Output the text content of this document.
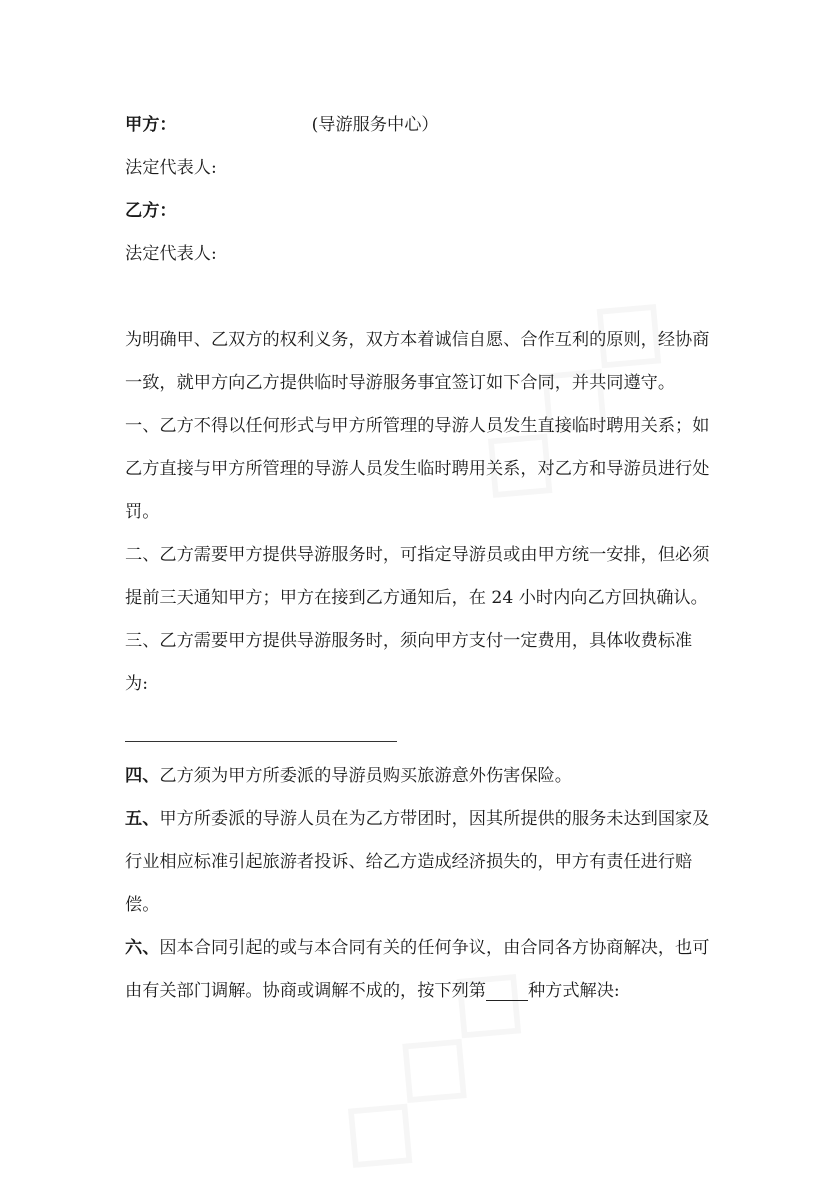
甲方：	(导游服务中心）
法定代表人:
乙方：
法定代表人:
为明确甲、乙双方的权利义务，双方本着诚信自愿、合作互利的原则，经协商
一致，就甲方向乙方提供临时导游服务事宜签订如下合同，并共同遵守。
一、乙方不得以任何形式与甲方所管理的导游人员发生直接临时聘用关系；如
乙方直接与甲方所管理的导游人员发生临时聘用关系，对乙方和导游员进行处
罚。
二、乙方需要甲方提供导游服务时，可指定导游员或由甲方统一安排，但必须
提前三天通知甲方；甲方在接到乙方通知后，在 24 小时内向乙方回执确认。
三、乙方需要甲方提供导游服务时，须向甲方支付一定费用，具体收费标准
为:
四、乙方须为甲方所委派的导游员购买旅游意外伤害保险。
五、甲方所委派的导游人员在为乙方带团时，因其所提供的服务未达到国家及
行业相应标准引起旅游者投诉、给乙方造成经济损失的，甲方有责任进行赔
偿。
六、因本合同引起的或与本合同有关的任何争议，由合同各方协商解决，也可
由有关部门调解。协商或调解不成的，按下列第 种方式解决:
